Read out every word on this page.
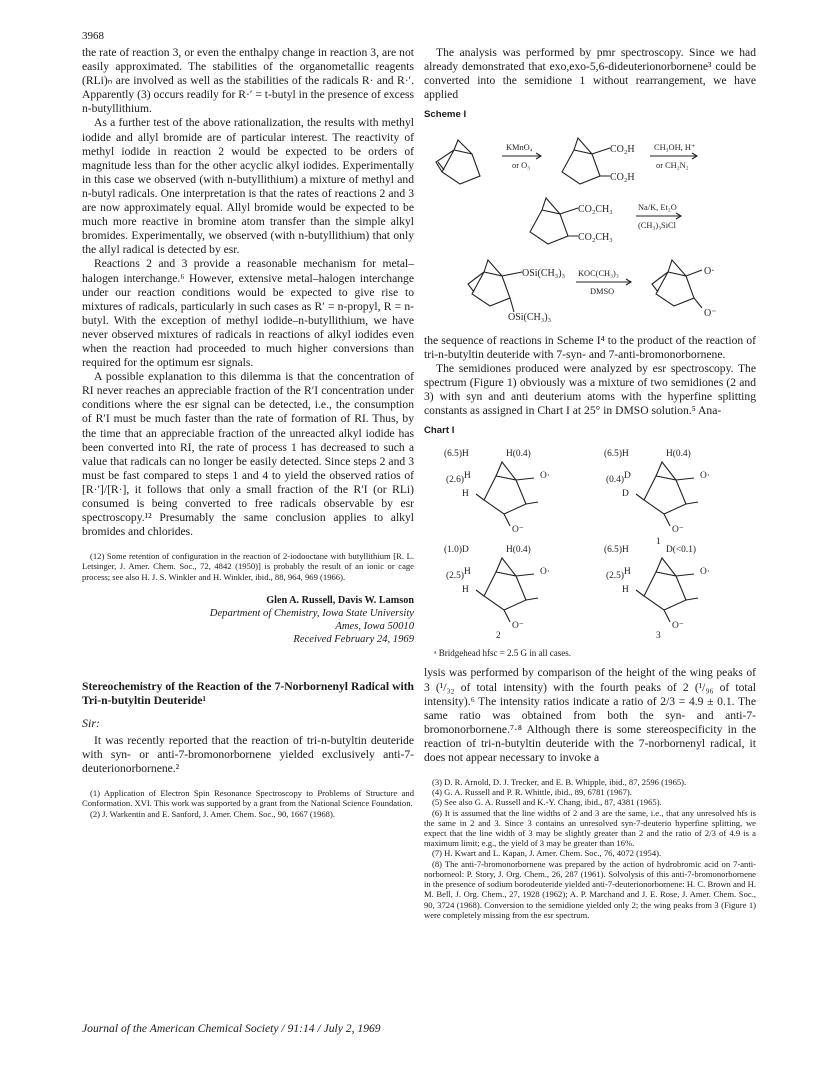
3968

the rate of reaction 3, or even the enthalpy change in reaction 3, are not easily approximated. The stabilities of the organometallic reagents (RLi)ₙ are involved as well as the stabilities of the radicals R· and R·′. Apparently (3) occurs readily for R·′ = t-butyl in the presence of excess n-butyllithium.

As a further test of the above rationalization, the results with methyl iodide and allyl bromide are of particular interest. The reactivity of methyl iodide in reaction 2 would be expected to be orders of magnitude less than for the other acyclic alkyl iodides. Experimentally in this case we observed (with n-butyllithium) a mixture of methyl and n-butyl radicals. One interpretation is that the rates of reactions 2 and 3 are now approximately equal. Allyl bromide would be expected to be much more reactive in bromine atom transfer than the simple alkyl bromides. Experimentally, we observed (with n-butyllithium) that only the allyl radical is detected by esr.

Reactions 2 and 3 provide a reasonable mechanism for metal–halogen interchange.⁶ However, extensive metal–halogen interchange under our reaction conditions would be expected to give rise to mixtures of radicals, particularly in such cases as R′ = n-propyl, R = n-butyl. With the exception of methyl iodide–n-butyllithium, we have never observed mixtures of radicals in reactions of alkyl iodides even when the reaction had proceeded to much higher conversions than required for the optimum esr signals.

A possible explanation to this dilemma is that the concentration of RI never reaches an appreciable fraction of the R′I concentration under conditions where the esr signal can be detected, i.e., the consumption of R′I must be much faster than the rate of formation of RI. Thus, by the time that an appreciable fraction of the unreacted alkyl iodide has been converted into RI, the rate of process 1 has decreased to such a value that radicals can no longer be easily detected. Since steps 2 and 3 must be fast compared to steps 1 and 4 to yield the observed ratios of [R·′]/[R·], it follows that only a small fraction of the R′I (or RLi) consumed is being converted to free radicals observable by esr spectroscopy.¹² Presumably the same conclusion applies to alkyl bromides and chlorides.

(12) Some retention of configuration in the reaction of 2-iodooctane with butyllithium [R. L. Letsinger, J. Amer. Chem. Soc., 72, 4842 (1950)] is probably the result of an ionic or cage process; see also H. J. S. Winkler and H. Winkler, ibid., 88, 964, 969 (1966).

Glen A. Russell, Davis W. Lamson
Department of Chemistry, Iowa State University
Ames, Iowa 50010
Received February 24, 1969
Stereochemistry of the Reaction of the 7-Norbornenyl Radical with Tri-n-butyltin Deuteride¹
Sir:

It was recently reported that the reaction of tri-n-butyltin deuteride with syn- or anti-7-bromonorbornene yielded exclusively anti-7-deuterionorbornene.²

(1) Application of Electron Spin Resonance Spectroscopy to Problems of Structure and Conformation. XVI. This work was supported by a grant from the National Science Foundation.

(2) J. Warkentin and E. Sanford, J. Amer. Chem. Soc., 90, 1667 (1968).

The analysis was performed by pmr spectroscopy. Since we had already demonstrated that exo,exo-5,6-dideuterionorbornene³ could be converted into the semidione 1 without rearrangement, we have applied

Scheme I
KMnO₄
or O₃
CH₃OH, H⁺
or CH₂N₂
Na/K, Et₂O
(CH₃)₃SiCl
KOC(CH₃)₃
DMSO
CO₂H
CO₂H
CO₂CH₃
CO₂CH₃
OSi(CH₃)₃
OSi(CH₃)₃
O·
O⁻

the sequence of reactions in Scheme I⁴ to the product of the reaction of tri-n-butyltin deuteride with 7-syn- and 7-anti-bromonorbornene.

The semidiones produced were analyzed by esr spectroscopy. The spectrum (Figure 1) obviously was a mixture of two semidiones (2 and 3) with syn and anti deuterium atoms with the hyperfine splitting constants as assigned in Chart I at 25° in DMSO solution.⁵ Ana-

Chart I
(6.5)H	H(0.4)
(2.6) H
H
O·
O⁻
(6.5)H	H(0.4)
(0.4) D
D
O·
O⁻
1
(1.0)D	H(0.4)
(2.5) H
H
O·
O⁻
2
(6.5)H	D(<0.1)
(2.5) H
H
O·
O⁻
3
ᵃ Bridgehead hfsc = 2.5 G in all cases.

lysis was performed by comparison of the height of the wing peaks of 3 (¹/₃₂ of total intensity) with the fourth peaks of 2 (¹/₉₆ of total intensity).⁶ The intensity ratios indicate a ratio of 2/3 = 4.9 ± 0.1. The same ratio was obtained from both the syn- and anti-7-bromonorbornene.⁷·⁸ Although there is some stereospecificity in the reaction of tri-n-butyltin deuteride with the 7-norbornenyl radical, it does not appear necessary to invoke a

(3) D. R. Arnold, D. J. Trecker, and E. B. Whipple, ibid., 87, 2596 (1965).

(4) G. A. Russell and P. R. Whittle, ibid., 89, 6781 (1967).

(5) See also G. A. Russell and K.-Y. Chang, ibid., 87, 4381 (1965).

(6) It is assumed that the line widths of 2 and 3 are the same, i.e., that any unresolved hfs is the same in 2 and 3. Since 3 contains an unresolved syn-7-deuterio hyperfine splitting, we expect that the line width of 3 may be slightly greater than 2 and the ratio of 2/3 of 4.9 is a maximum limit; e.g., the yield of 3 may be greater than 16%.

(7) H. Kwart and L. Kapan, J. Amer. Chem. Soc., 76, 4072 (1954).

(8) The anti-7-bromonorbornene was prepared by the action of hydrobromic acid on 7-anti-norborneol: P. Story, J. Org. Chem., 26, 287 (1961). Solvolysis of this anti-7-bromonorbornene in the presence of sodium borodeuteride yielded anti-7-deuterionorbornene: H. C. Brown and H. M. Bell, J. Org. Chem., 27, 1928 (1962); A. P. Marchand and J. E. Rose, J. Amer. Chem. Soc., 90, 3724 (1968). Conversion to the semidione yielded only 2; the wing peaks from 3 (Figure 1) were completely missing from the esr spectrum.

Journal of the American Chemical Society / 91:14 / July 2, 1969
